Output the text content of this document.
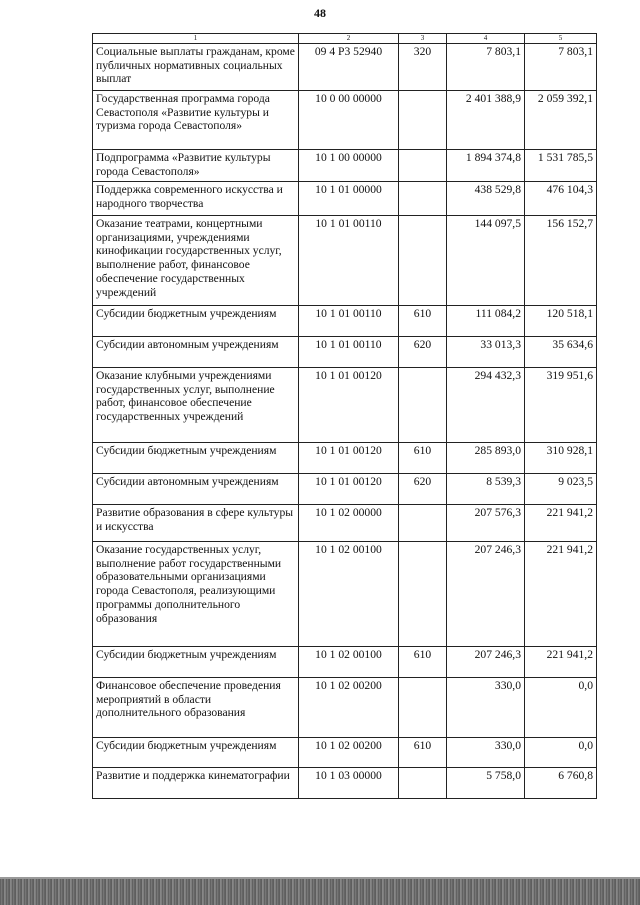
48
1	2	3	4	5
Социальные выплаты гражданам, кроме публичных нормативных социальных выплат	09 4 P3 52940	320	7 803,1	7 803,1
Государственная программа города Севастополя «Развитие культуры и туризма города Севастополя»	10 0 00 00000		2 401 388,9	2 059 392,1
Подпрограмма «Развитие культуры города Севастополя»	10 1 00 00000		1 894 374,8	1 531 785,5
Поддержка современного искусства и народного творчества	10 1 01 00000		438 529,8	476 104,3
Оказание театрами, концертными организациями, учреждениями кинофикации государственных услуг, выполнение работ, финансовое обеспечение государственных учреждений	10 1 01 00110		144 097,5	156 152,7
Субсидии бюджетным учреждениям	10 1 01 00110	610	111 084,2	120 518,1
Субсидии автономным учреждениям	10 1 01 00110	620	33 013,3	35 634,6
Оказание клубными учреждениями государственных услуг, выполнение работ, финансовое обеспечение государственных учреждений	10 1 01 00120		294 432,3	319 951,6
Субсидии бюджетным учреждениям	10 1 01 00120	610	285 893,0	310 928,1
Субсидии автономным учреждениям	10 1 01 00120	620	8 539,3	9 023,5
Развитие образования в сфере культуры и искусства	10 1 02 00000		207 576,3	221 941,2
Оказание государственных услуг, выполнение работ государственными образовательными организациями города Севастополя, реализующими программы дополнительного образования	10 1 02 00100		207 246,3	221 941,2
Субсидии бюджетным учреждениям	10 1 02 00100	610	207 246,3	221 941,2
Финансовое обеспечение проведения мероприятий в области дополнительного образования	10 1 02 00200		330,0	0,0
Субсидии бюджетным учреждениям	10 1 02 00200	610	330,0	0,0
Развитие и поддержка кинематографии	10 1 03 00000		5 758,0	6 760,8
